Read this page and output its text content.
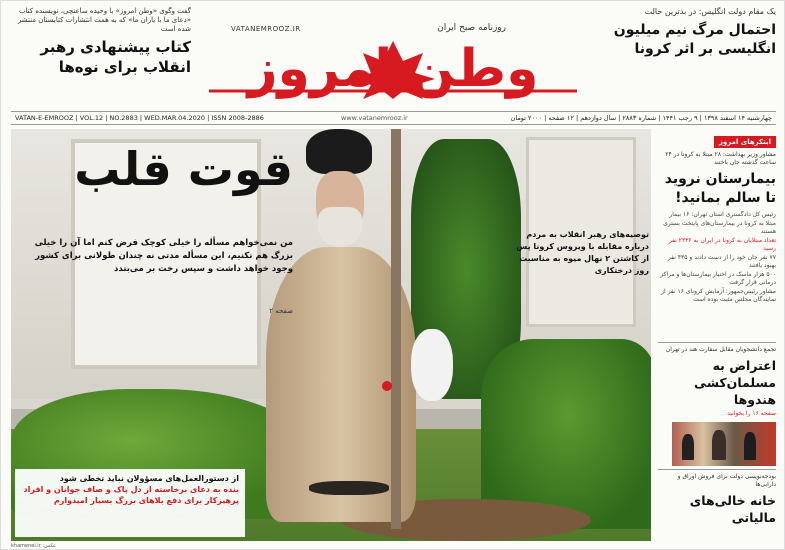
گفت وگوی «وطن امروز» با وحیده ساعتچی، نویسنده کتاب «دعای ما با یاران ما» که به همت انتشارات کتابستان منتشر شده است
کتاب پیشنهادی رهبر انقلاب برای نوه‌ها
VATANEMROOZ.IR	روزنامه صبح ایران
وطن امروز
یک مقام دولت انگلیس: در بدترین حالت
احتمال مرگ نیم میلیون انگلیسی بر اثر کرونا
VATAN-E-EMROOZ | VOL.12 | NO.2883 | WED.MAR.04.2020 | ISSN 2008-2886	www.vatanemrooz.ir	چهارشنبه ۱۴ اسفند ۱۳۹۸ | ۹ رجب ۱۴۴۱ | شماره ۲۸۸۳ | سال دوازدهم | ۱۲ صفحه | ۲۰۰۰ تومان
قوت قلب
من نمی‌خواهم مسأله را خیلی کوچک فرض کنم اما آن را خیلی بزرگ هم نکنیم، این مسأله مدتی نه چندان طولانی برای کشور وجود خواهد داشت و سپس رخت بر می‌بندد
صفحه ۲
توصیه‌های رهبر انقلاب به مردم درباره مقابله با ویروس کرونا پس از کاشتن ۲ نهال میوه به مناسبت روز درختکاری
از دستورالعمل‌های مسؤولان نباید تخطی شود
بنده به دعای برخاسته از دل پاک و صاف جوانان و افراد پرهیزکار برای دفع بلاهای بزرگ بسیار امیدوارم
عکس: khamenei.ir
ابتکرهای امروز
مشاور وزیر بهداشت: ۲۸ مبتلا به کرونا در ۲۴ ساعت گذشته جان باختند
بیمارستان نروید تا سالم بمانید!
رئیس کل دادگستری استان تهران: ۱۶ بیمار مبتلا به کرونا در بیمارستان‌های پایتخت بستری هستند
تعداد مبتلایان به کرونا در ایران به ۲۳۳۶ نفر رسید
۷۷ نفر جان خود را از دست دادند و ۴۳۵ نفر بهبود یافتند
۵۰۰ هزار ماسک در اختیار بیمارستان‌ها و مراکز درمانی قرار گرفت
مشاور رئیس‌جمهور: آزمایش کرونای ۱۶ نفر از نمایندگان مجلس مثبت بوده است
تجمع دانشجویان مقابل سفارت هند در تهران
اعتراض به مسلمان‌کشی هندوها
صفحه ۱۶ را بخوانید
بودجه‌نویسی دولت برای فروش اوراق و دارایی‌ها
خانه خالی‌های مالیاتی
